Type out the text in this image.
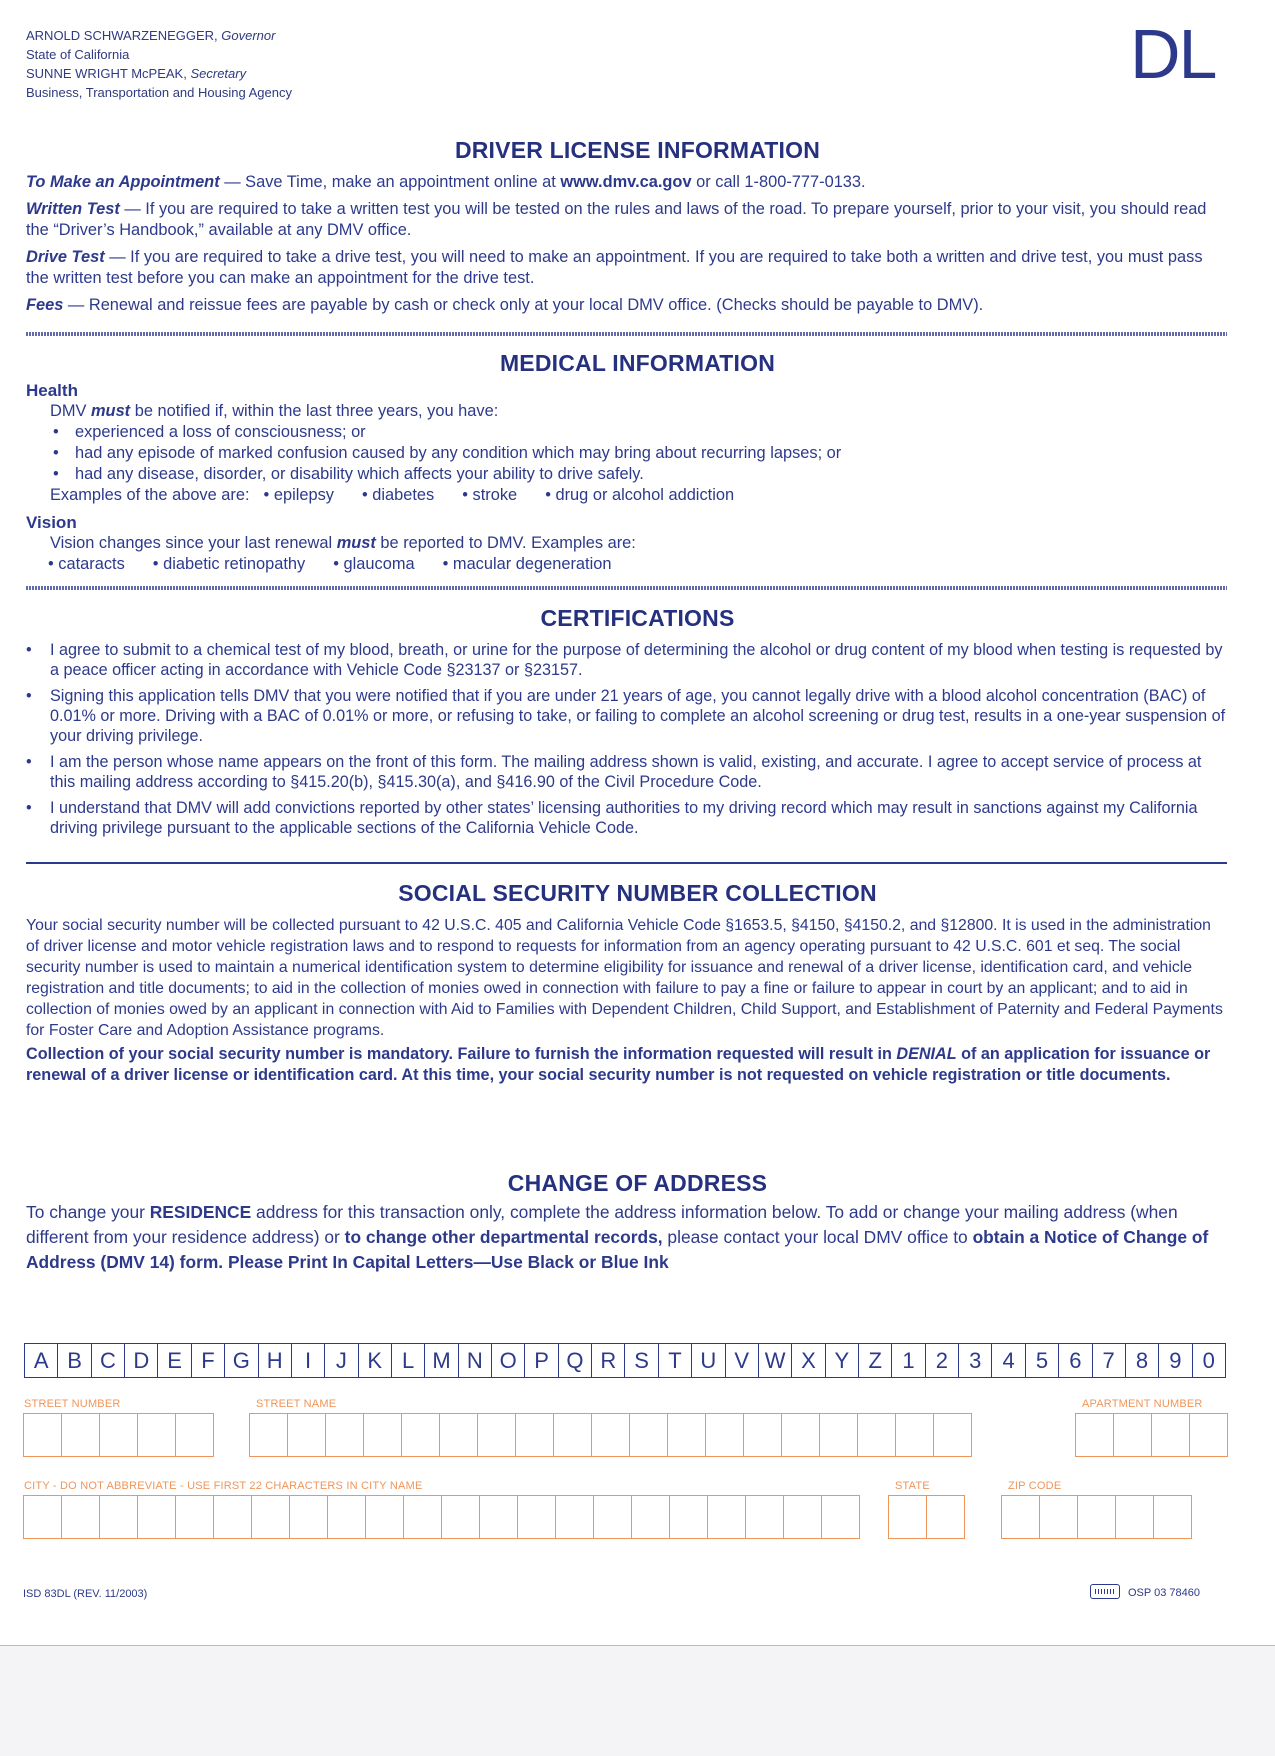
ARNOLD SCHWARZENEGGER, Governor
State of California
SUNNE WRIGHT McPEAK, Secretary
Business, Transportation and Housing Agency	DL
DRIVER LICENSE INFORMATION

To Make an Appointment — Save Time, make an appointment online at www.dmv.ca.gov or call 1-800-777-0133.

Written Test — If you are required to take a written test you will be tested on the rules and laws of the road. To prepare yourself, prior to your visit, you should read the “Driver’s Handbook,” available at any DMV office.

Drive Test — If you are required to take a drive test, you will need to make an appointment. If you are required to take both a written and drive test, you must pass the written test before you can make an appointment for the drive test.

Fees — Renewal and reissue fees are payable by cash or check only at your local DMV office. (Checks should be payable to DMV).

MEDICAL INFORMATION
Health
DMV must be notified if, within the last three years, you have:
• experienced a loss of consciousness; or
• had any episode of marked confusion caused by any condition which may bring about recurring lapses; or
• had any disease, disorder, or disability which affects your ability to drive safely.
Examples of the above are: • epilepsy • diabetes • stroke • drug or alcohol addiction
Vision
Vision changes since your last renewal must be reported to DMV. Examples are:
• cataracts • diabetic retinopathy • glaucoma • macular degeneration
CERTIFICATIONS
• I agree to submit to a chemical test of my blood, breath, or urine for the purpose of determining the alcohol or drug content of my blood when testing is requested by a peace officer acting in accordance with Vehicle Code §23137 or §23157.
• Signing this application tells DMV that you were notified that if you are under 21 years of age, you cannot legally drive with a blood alcohol concentration (BAC) of 0.01% or more. Driving with a BAC of 0.01% or more, or refusing to take, or failing to complete an alcohol screening or drug test, results in a one-year suspension of your driving privilege.
• I am the person whose name appears on the front of this form. The mailing address shown is valid, existing, and accurate. I agree to accept service of process at this mailing address according to §415.20(b), §415.30(a), and §416.90 of the Civil Procedure Code.
• I understand that DMV will add convictions reported by other states’ licensing authorities to my driving record which may result in sanctions against my California driving privilege pursuant to the applicable sections of the California Vehicle Code.
SOCIAL SECURITY NUMBER COLLECTION
Your social security number will be collected pursuant to 42 U.S.C. 405 and California Vehicle Code §1653.5, §4150, §4150.2, and §12800. It is used in the administration of driver license and motor vehicle registration laws and to respond to requests for information from an agency operating pursuant to 42 U.S.C. 601 et seq. The social security number is used to maintain a numerical identification system to determine eligibility for issuance and renewal of a driver license, identification card, and vehicle registration and title documents; to aid in the collection of monies owed in connection with failure to pay a fine or failure to appear in court by an applicant; and to aid in collection of monies owed by an applicant in connection with Aid to Families with Dependent Children, Child Support, and Establishment of Paternity and Federal Payments for Foster Care and Adoption Assistance programs.
Collection of your social security number is mandatory. Failure to furnish the information requested will result in DENIAL of an application for issuance or renewal of a driver license or identification card. At this time, your social security number is not requested on vehicle registration or title documents.
CHANGE OF ADDRESS
To change your RESIDENCE address for this transaction only, complete the address information below. To add or change your mailing address (when different from your residence address) or to change other departmental records, please contact your local DMV office to obtain a Notice of Change of Address (DMV 14) form. Please Print In Capital Letters—Use Black or Blue Ink
A B C D E F G H	I	J K L M N O P Q R S T U V W X Y Z 1 2 3 4 5 6 7 8 9 0
STREET NUMBER	STREET NAME	APARTMENT NUMBER
CITY - DO NOT ABBREVIATE - USE FIRST 22 CHARACTERS IN CITY NAME	STATE	ZIP CODE
ISD 83DL (REV. 11/2003)	OSP 03 78460
